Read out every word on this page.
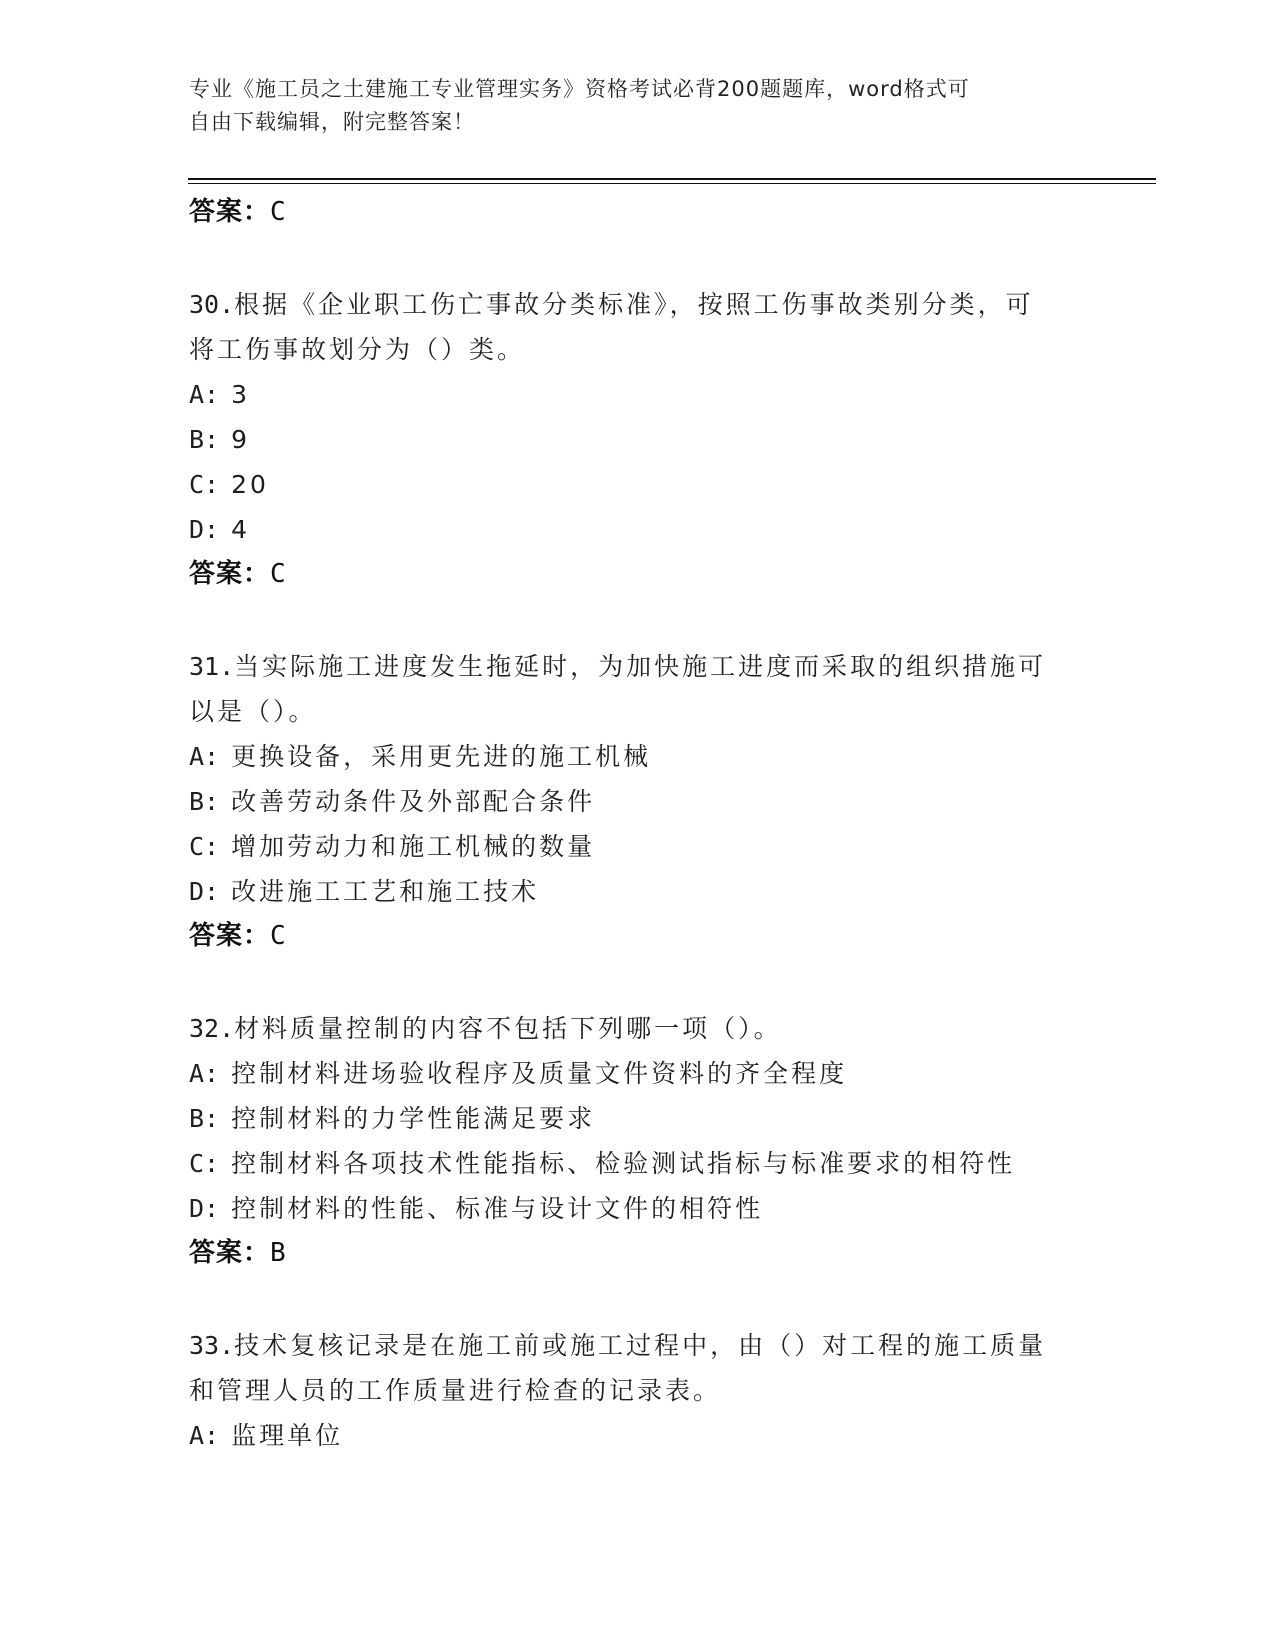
专业《施工员之土建施工专业管理实务》资格考试必背200题题库，word格式可
自由下载编辑，附完整答案！
答案：C
30.根据《企业职工伤亡事故分类标准》，按照工伤事故类别分类，可
将工伤事故划分为（）类。
A: 3
B: 9
C: 20
D: 4
答案：C
31.当实际施工进度发生拖延时，为加快施工进度而采取的组织措施可
以是（）。
A: 更换设备，采用更先进的施工机械
B: 改善劳动条件及外部配合条件
C: 增加劳动力和施工机械的数量
D: 改进施工工艺和施工技术
答案：C
32.材料质量控制的内容不包括下列哪一项（）。
A: 控制材料进场验收程序及质量文件资料的齐全程度
B: 控制材料的力学性能满足要求
C: 控制材料各项技术性能指标、检验测试指标与标准要求的相符性
D: 控制材料的性能、标准与设计文件的相符性
答案：B
33.技术复核记录是在施工前或施工过程中，由（）对工程的施工质量
和管理人员的工作质量进行检查的记录表。
A: 监理单位
